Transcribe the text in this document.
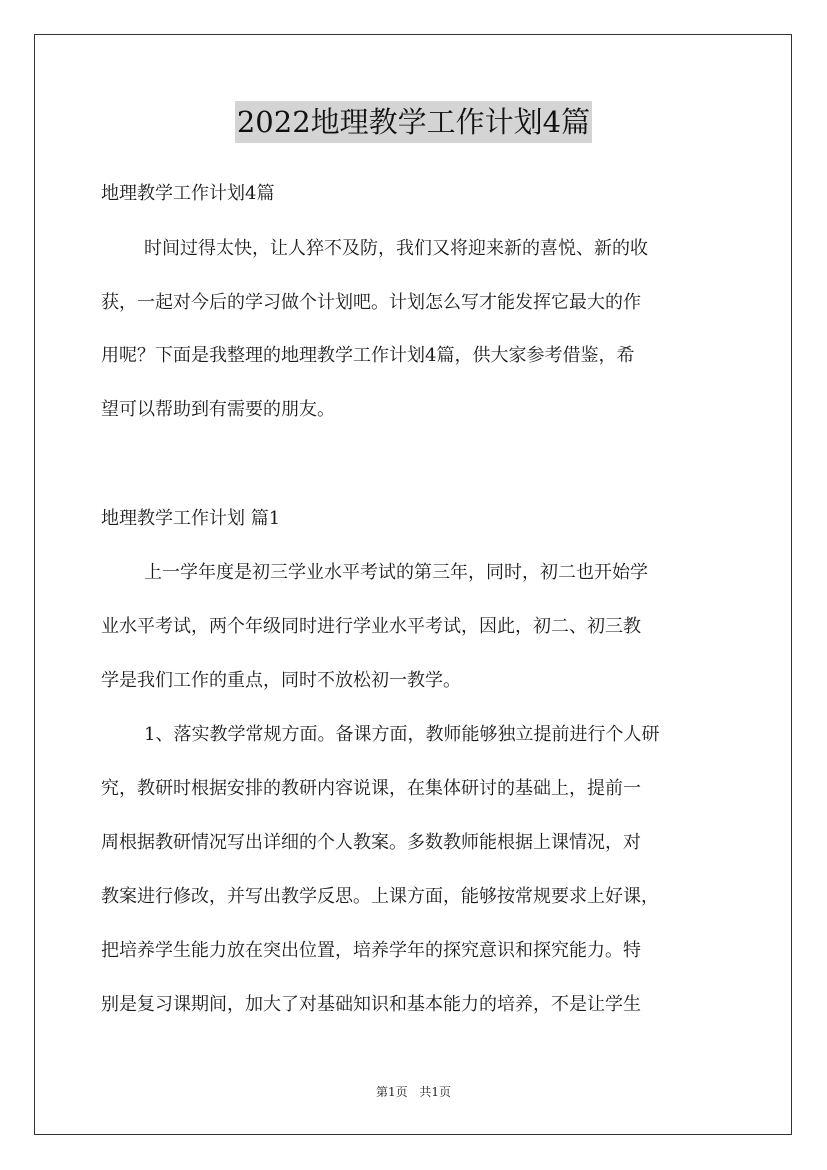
2022地理教学工作计划4篇
地理教学工作计划4篇
时间过得太快，让人猝不及防，我们又将迎来新的喜悦、新的收
获，一起对今后的学习做个计划吧。计划怎么写才能发挥它最大的作
用呢？下面是我整理的地理教学工作计划4篇，供大家参考借鉴，希
望可以帮助到有需要的朋友。
地理教学工作计划 篇1
上一学年度是初三学业水平考试的第三年，同时，初二也开始学
业水平考试，两个年级同时进行学业水平考试，因此，初二、初三教
学是我们工作的重点，同时不放松初一教学。
1、落实教学常规方面。备课方面，教师能够独立提前进行个人研
究，教研时根据安排的教研内容说课，在集体研讨的基础上，提前一
周根据教研情况写出详细的个人教案。多数教师能根据上课情况，对
教案进行修改，并写出教学反思。上课方面，能够按常规要求上好课，
把培养学生能力放在突出位置，培养学年的探究意识和探究能力。特
别是复习课期间，加大了对基础知识和基本能力的培养，不是让学生
第1页 共1页
